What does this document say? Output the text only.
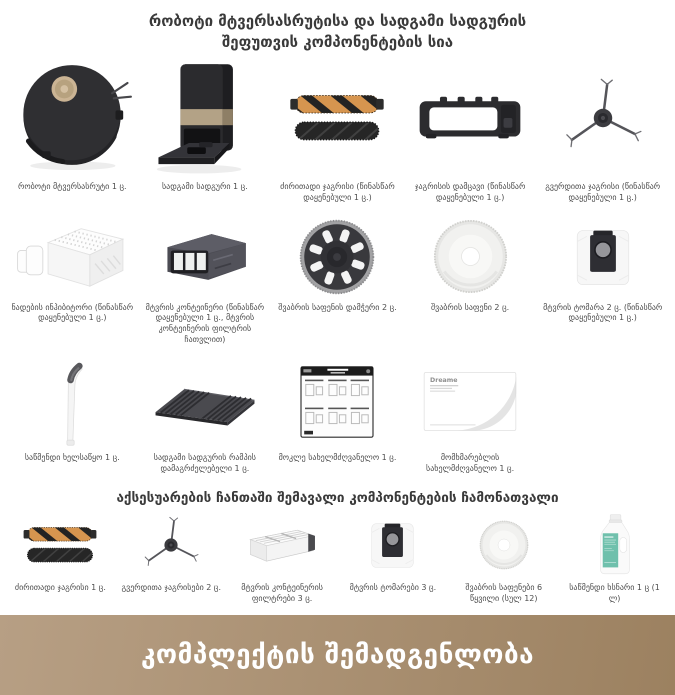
რობოტი მტვერსასრუტისა და სადგამი სადგურის
შეფუთვის კომპონენტების სია
რობოტი მტვერსასრუტი 1 ც.	სადგამი სადგური 1 ც.	ძირითადი ჯაგრისი (წინასწარ დაყენებული 1 ც.)
ჯაგრისის დამცავი (წინასწარ დაყენებული 1 ც.)
გვერდითა ჯაგრისი (წინასწარ დაყენებული 1 ც.)
ნადების ინჰიბიტორი (წინასწარ დაყენებული 1 ც.)
მტვრის კონტეინერი (წინასწარ დაყენებული 1 ც., მტვრის კონტეინერის ფილტრის ჩათვლით)
შვაბრის საფენის დამჭერი 2 ც.	შვაბრის საფენი 2 ც.	მტვრის ტომარა 2 ც. (წინასწარ დაყენებული 1 ც.)
საწმენდი ხელსაწყო 1 ც.	სადგამი სადგურის რამპის დამაგრძელებელი 1 ც.
მოკლე სახელმძღვანელო 1 ც.
Dreame
მომხმარებლის სახელმძღვანელო 1 ც.
აქსესუარების ჩანთაში შემავალი კომპონენტების ჩამონათვალი
ძირითადი ჯაგრისი 1 ც. გვერდითა ჯაგრისები 2 ც.	მტვრის კონტეინერის ფილტრები 3 ც.
მტვრის ტომარები 3 ც.	შვაბრის საფენები 6 წყვილი (სულ 12)
საწმენდი ხსნარი 1 ც (1 ლ)
კომპლექტის შემადგენლობა
